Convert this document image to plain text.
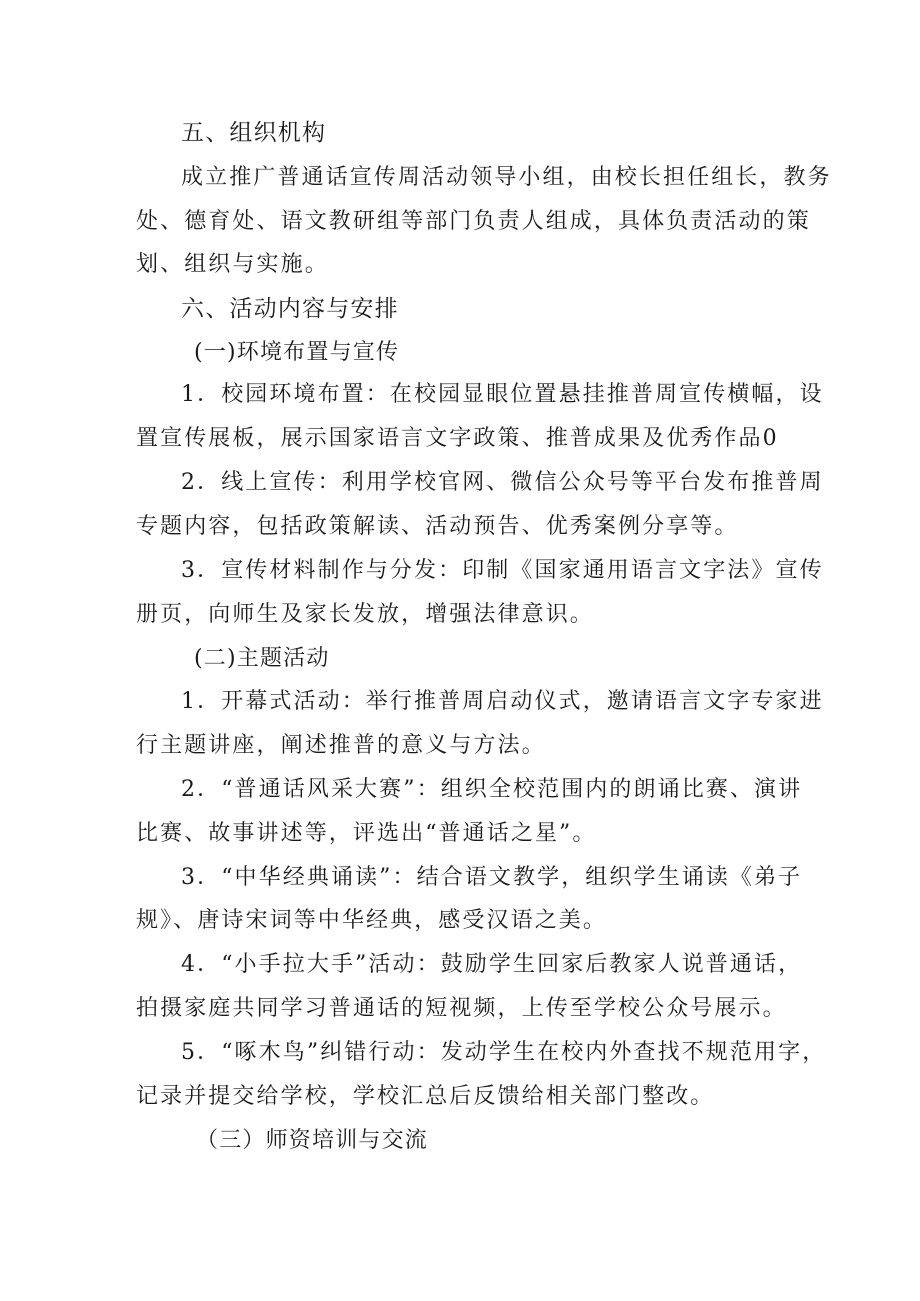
五、组织机构
成立推广普通话宣传周活动领导小组，由校长担任组长，教务
处、德育处、语文教研组等部门负责人组成，具体负责活动的策
划、组织与实施。
六、活动内容与安排
(一)环境布置与宣传
1．校园环境布置：在校园显眼位置悬挂推普周宣传横幅，设
置宣传展板，展示国家语言文字政策、推普成果及优秀作品0
2．线上宣传：利用学校官网、微信公众号等平台发布推普周
专题内容，包括政策解读、活动预告、优秀案例分享等。
3．宣传材料制作与分发：印制《国家通用语言文字法》宣传
册页，向师生及家长发放，增强法律意识。
(二)主题活动
1．开幕式活动：举行推普周启动仪式，邀请语言文字专家进
行主题讲座，阐述推普的意义与方法。
2．“普通话风采大赛”：组织全校范围内的朗诵比赛、演讲
比赛、故事讲述等，评选出“普通话之星”。
3．“中华经典诵读”：结合语文教学，组织学生诵读《弟子
规》、唐诗宋词等中华经典，感受汉语之美。
4．“小手拉大手”活动：鼓励学生回家后教家人说普通话，
拍摄家庭共同学习普通话的短视频，上传至学校公众号展示。
5．“啄木鸟”纠错行动：发动学生在校内外查找不规范用字，
记录并提交给学校，学校汇总后反馈给相关部门整改。
（三）师资培训与交流
